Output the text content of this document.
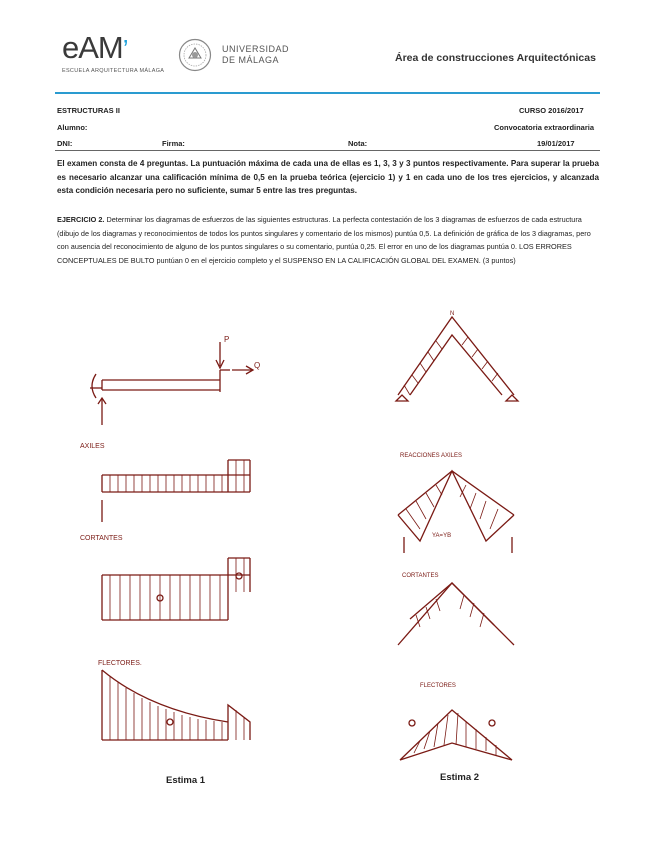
eAM’
ESCUELA ARQUITECTURA MÁLAGA
UNIVERSIDAD
DE MÁLAGA	Área de construcciones Arquitectónicas
ESTRUCTURAS II	CURSO 2016/2017
Alumno:	Convocatoria extraordinaria
DNI:	Firma:	Nota:	19/01/2017

El examen consta de 4 preguntas. La puntuación máxima de cada una de ellas es 1, 3, 3 y 3 puntos respectivamente. Para superar la prueba es necesario alcanzar una calificación mínima de 0,5 en la prueba teórica (ejercicio 1) y 1 en cada uno de los tres ejercicios, y alcanzada esta condición necesaria pero no suficiente, sumar 5 entre las tres preguntas.

EJERCICIO 2. Determinar los diagramas de esfuerzos de las siguientes estructuras. La perfecta contestación de los 3 diagramas de esfuerzos de cada estructura (dibujo de los diagramas y reconocimientos de todos los puntos singulares y comentario de los mismos) puntúa 0,5. La definición de gráfica de los 3 diagramas, pero con ausencia del reconocimiento de alguno de los puntos singulares o su comentario, puntúa 0,25. El error en uno de los diagramas puntúa 0. LOS ERRORES CONCEPTUALES DE BULTO puntúan 0 en el ejercicio completo y el SUSPENSO EN LA CALIFICACIÓN GLOBAL DEL EXAMEN. (3 puntos)
P
Q
AXILES
CORTANTES
FLECTORES.
Estima 1
N
REACCIONES AXILES
YA=YB
CORTANTES
FLECTORES
Estima 2
